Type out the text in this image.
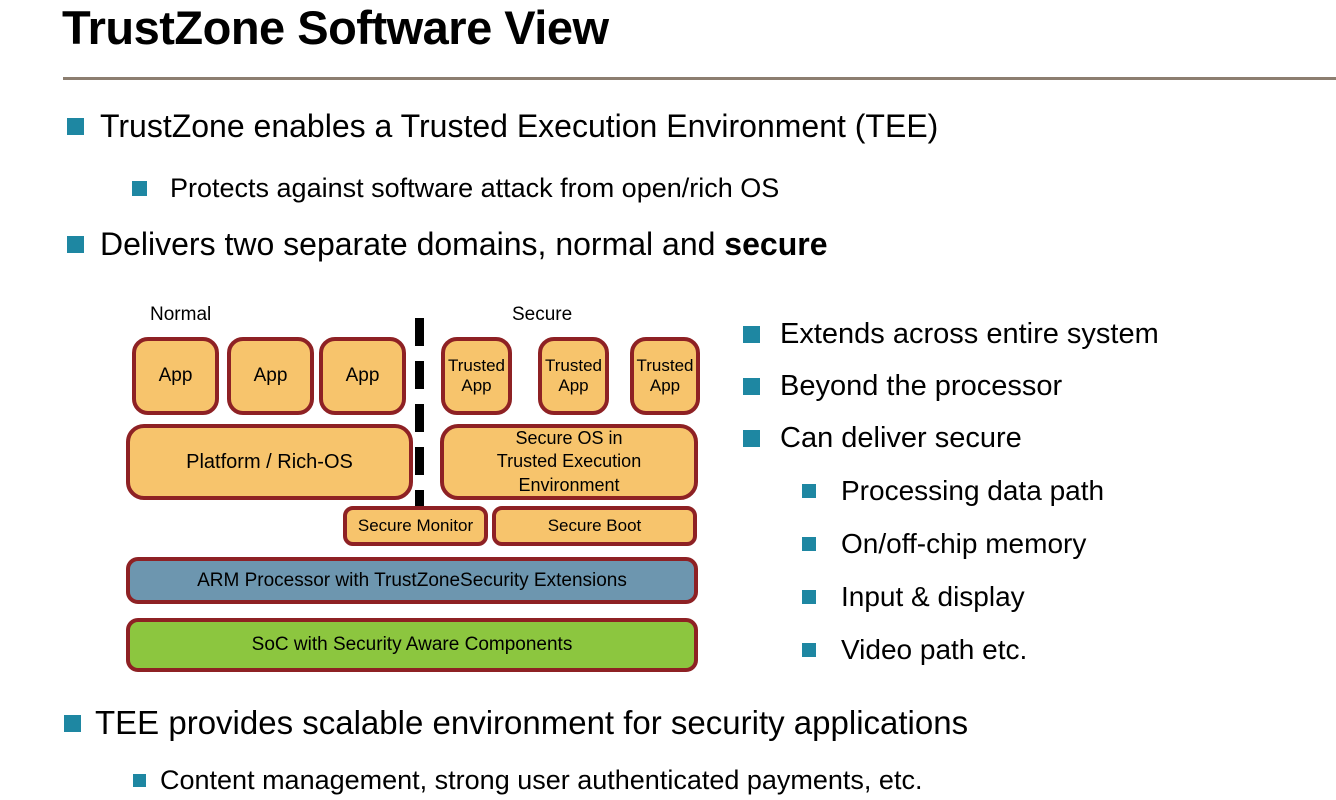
TrustZone Software View
TrustZone enables a Trusted Execution Environment (TEE)
Protects against software attack from open/rich OS
Delivers two separate domains, normal and secure
Normal	Secure
App	App	App	Trusted App
Trusted App
Trusted App
Platform / Rich-OS
Secure OS in
Trusted Execution Environment
Secure Monitor	Secure Boot
ARM Processor with TrustZoneSecurity Extensions
SoC with Security Aware Components
Extends across entire system
Beyond the processor
Can deliver secure
Processing data path
On/off-chip memory
Input & display
Video path etc.
TEE provides scalable environment for security applications
Content management, strong user authenticated payments, etc.
